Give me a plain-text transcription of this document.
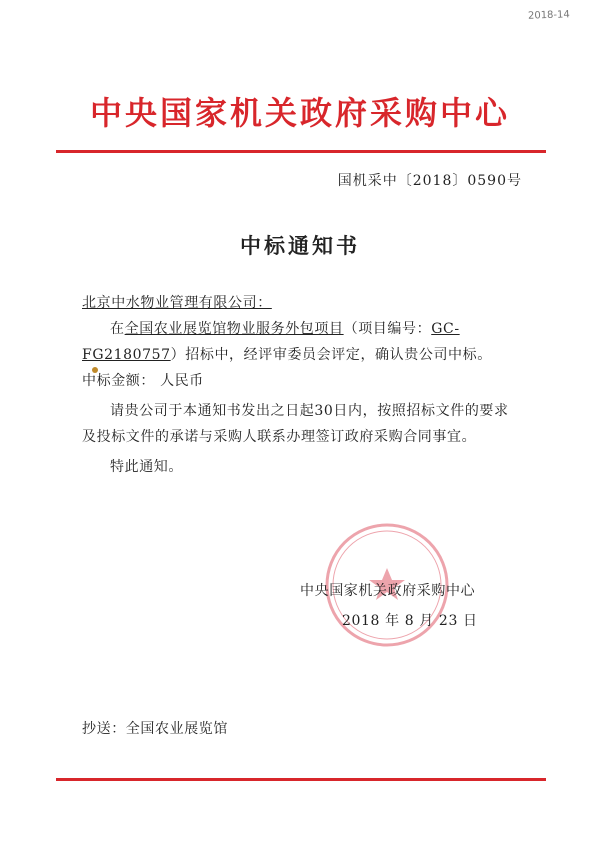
2018-14
中央国家机关政府采购中心
国机采中〔2018〕0590号
中标通知书

北京中水物业管理有限公司：

在全国农业展览馆物业服务外包项目（项目编号：GC-FG2180757）招标中，经评审委员会评定，确认贵公司中标。

中标金额： 人民币

请贵公司于本通知书发出之日起30日内，按照招标文件的要求及投标文件的承诺与采购人联系办理签订政府采购合同事宜。

特此通知。

中央国家机关政府采购中心
2018 年 8 月 23 日
抄送：全国农业展览馆
